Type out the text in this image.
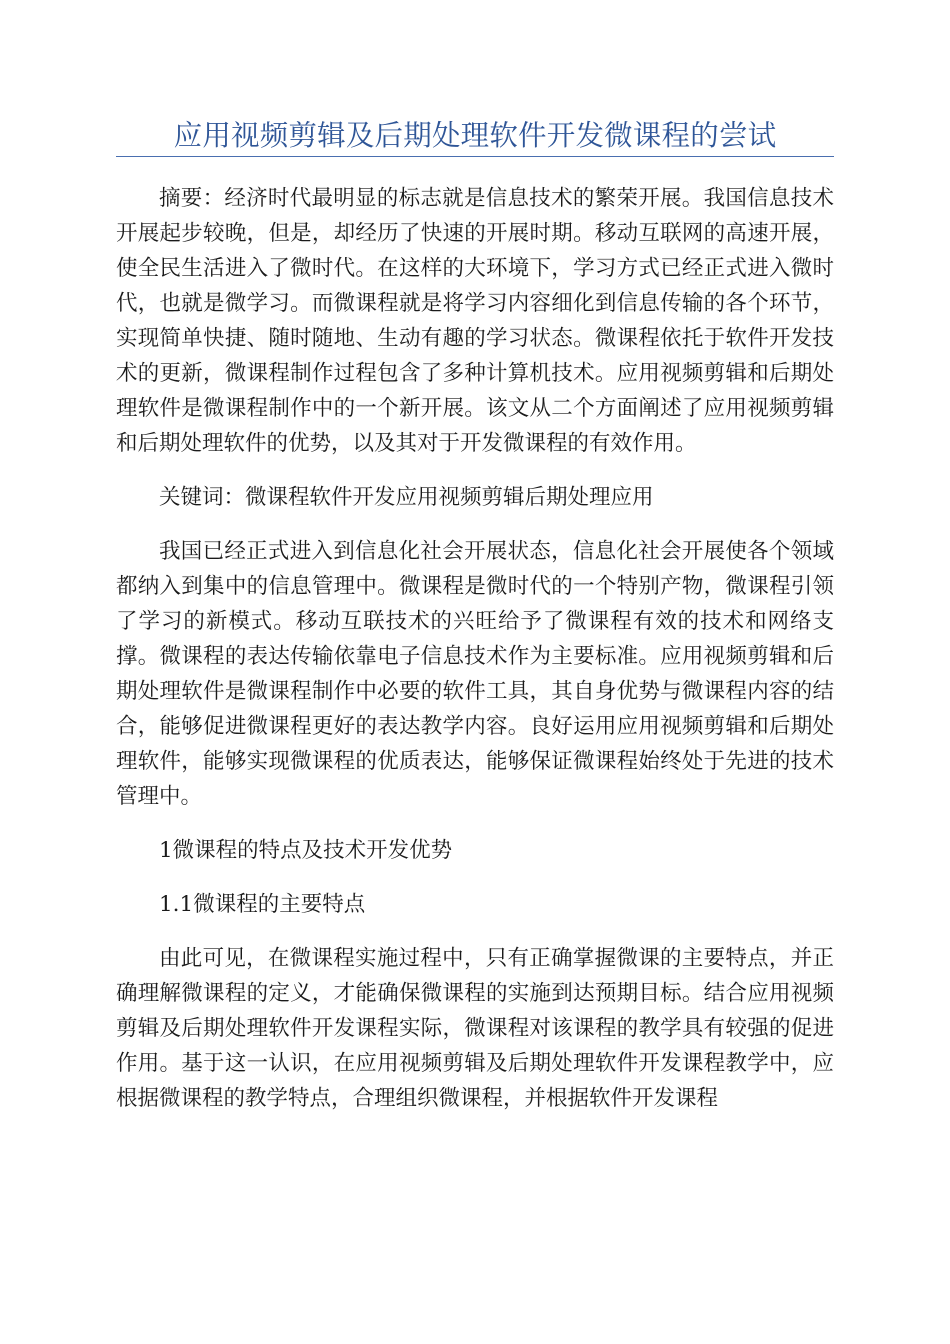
应用视频剪辑及后期处理软件开发微课程的尝试

摘要：经济时代最明显的标志就是信息技术的繁荣开展。我国信息技术开展起步较晚，但是，却经历了快速的开展时期。移动互联网的高速开展，使全民生活进入了微时代。在这样的大环境下，学习方式已经正式进入微时代，也就是微学习。而微课程就是将学习内容细化到信息传输的各个环节，实现简单快捷、随时随地、生动有趣的学习状态。微课程依托于软件开发技术的更新，微课程制作过程包含了多种计算机技术。应用视频剪辑和后期处理软件是微课程制作中的一个新开展。该文从二个方面阐述了应用视频剪辑和后期处理软件的优势，以及其对于开发微课程的有效作用。

关键词：微课程软件开发应用视频剪辑后期处理应用

我国已经正式进入到信息化社会开展状态，信息化社会开展使各个领域都纳入到集中的信息管理中。微课程是微时代的一个特别产物，微课程引领了学习的新模式。移动互联技术的兴旺给予了微课程有效的技术和网络支撑。微课程的表达传输依靠电子信息技术作为主要标准。应用视频剪辑和后期处理软件是微课程制作中必要的软件工具，其自身优势与微课程内容的结合，能够促进微课程更好的表达教学内容。良好运用应用视频剪辑和后期处理软件，能够实现微课程的优质表达，能够保证微课程始终处于先进的技术管理中。

1微课程的特点及技术开发优势

1.1微课程的主要特点

由此可见，在微课程实施过程中，只有正确掌握微课的主要特点，并正确理解微课程的定义，才能确保微课程的实施到达预期目标。结合应用视频剪辑及后期处理软件开发课程实际，微课程对该课程的教学具有较强的促进作用。基于这一认识，在应用视频剪辑及后期处理软件开发课程教学中，应根据微课程的教学特点，合理组织微课程，并根据软件开发课程
